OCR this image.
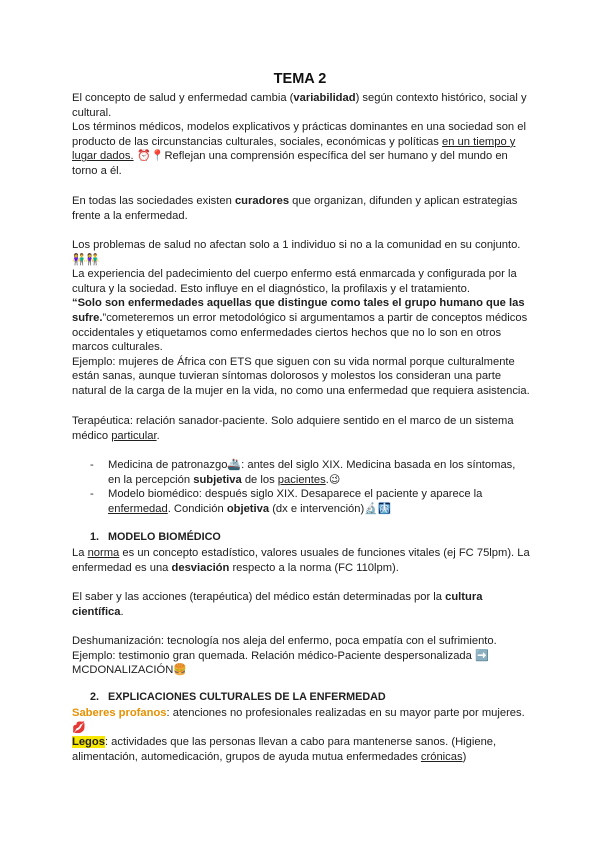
TEMA 2

El concepto de salud y enfermedad cambia (variabilidad) según contexto histórico, social y cultural.

Los términos médicos, modelos explicativos y prácticas dominantes en una sociedad son el producto de las circunstancias culturales, sociales, económicas y políticas en un tiempo y lugar dados. ⏰📍Reflejan una comprensión específica del ser humano y del mundo en torno a él.

En todas las sociedades existen curadores que organizan, difunden y aplican estrategias frente a la enfermedad.

Los problemas de salud no afectan solo a 1 individuo si no a la comunidad en su conjunto.
👫👫

La experiencia del padecimiento del cuerpo enfermo está enmarcada y configurada por la cultura y la sociedad. Esto influye en el diagnóstico, la profilaxis y el tratamiento.

“Solo son enfermedades aquellas que distingue como tales el grupo humano que las sufre.”cometeremos un error metodológico si argumentamos a partir de conceptos médicos occidentales y etiquetamos como enfermedades ciertos hechos que no lo son en otros marcos culturales.

Ejemplo: mujeres de África con ETS que siguen con su vida normal porque culturalmente están sanas, aunque tuvieran síntomas dolorosos y molestos los consideran una parte natural de la carga de la mujer en la vida, no como una enfermedad que requiera asistencia.

Terapéutica: relación sanador-paciente. Solo adquiere sentido en el marco de un sistema médico particular.

- Medicina de patronazgo🚢: antes del siglo XIX. Medicina basada en los síntomas, en la percepción subjetiva de los pacientes.😉
- Modelo biomédico: después siglo XIX. Desaparece el paciente y aparece la enfermedad. Condición objetiva (dx e intervención)🔬🩻
1. MODELO BIOMÉDICO

La norma es un concepto estadístico, valores usuales de funciones vitales (ej FC 75lpm). La enfermedad es una desviación respecto a la norma (FC 110lpm).

El saber y las acciones (terapéutica) del médico están determinadas por la cultura científica.

Deshumanización: tecnología nos aleja del enfermo, poca empatía con el sufrimiento.

Ejemplo: testimonio gran quemada. Relación médico-Paciente despersonalizada ➡️ MCDONALIZACIÓN🍔

2. EXPLICACIONES CULTURALES DE LA ENFERMEDAD

Saberes profanos: atenciones no profesionales realizadas en su mayor parte por mujeres.
💋

Legos: actividades que las personas llevan a cabo para mantenerse sanos. (Higiene, alimentación, automedicación, grupos de ayuda mutua enfermedades crónicas)
